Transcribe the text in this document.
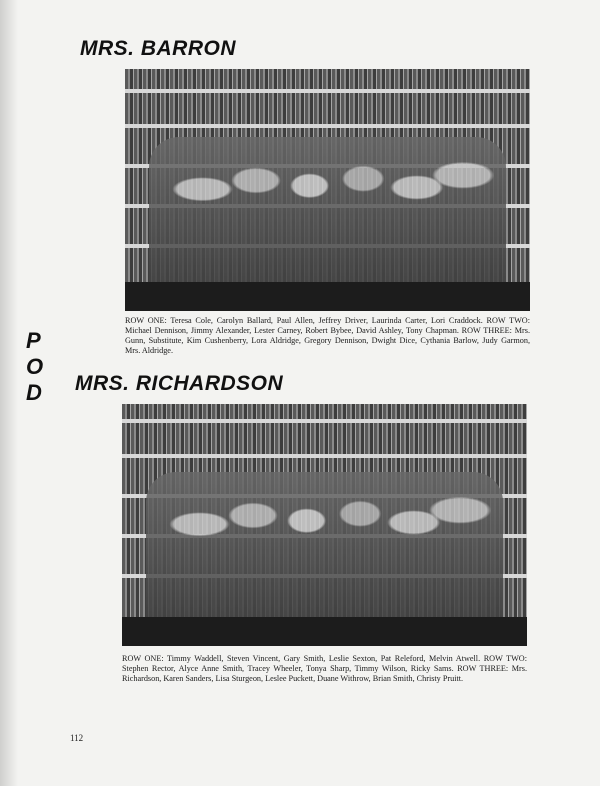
MRS. BARRON
ROW ONE: Teresa Cole, Carolyn Ballard, Paul Allen, Jeffrey Driver, Laurinda Carter, Lori Craddock. ROW TWO: Michael Dennison, Jimmy Alexander, Lester Carney, Robert Bybee, David Ashley, Tony Chapman. ROW THREE: Mrs. Gunn, Substitute, Kim Cushenberry, Lora Aldridge, Gregory Dennison, Dwight Dice, Cythania Barlow, Judy Garmon, Mrs. Aldridge.
P
O
D MRS. RICHARDSON
ROW ONE: Timmy Waddell, Steven Vincent, Gary Smith, Leslie Sexton, Pat Releford, Melvin Atwell. ROW TWO: Stephen Rector, Alyce Anne Smith, Tracey Wheeler, Tonya Sharp, Timmy Wilson, Ricky Sams. ROW THREE: Mrs. Richardson, Karen Sanders, Lisa Sturgeon, Leslee Puckett, Duane Withrow, Brian Smith, Christy Pruitt.
112
